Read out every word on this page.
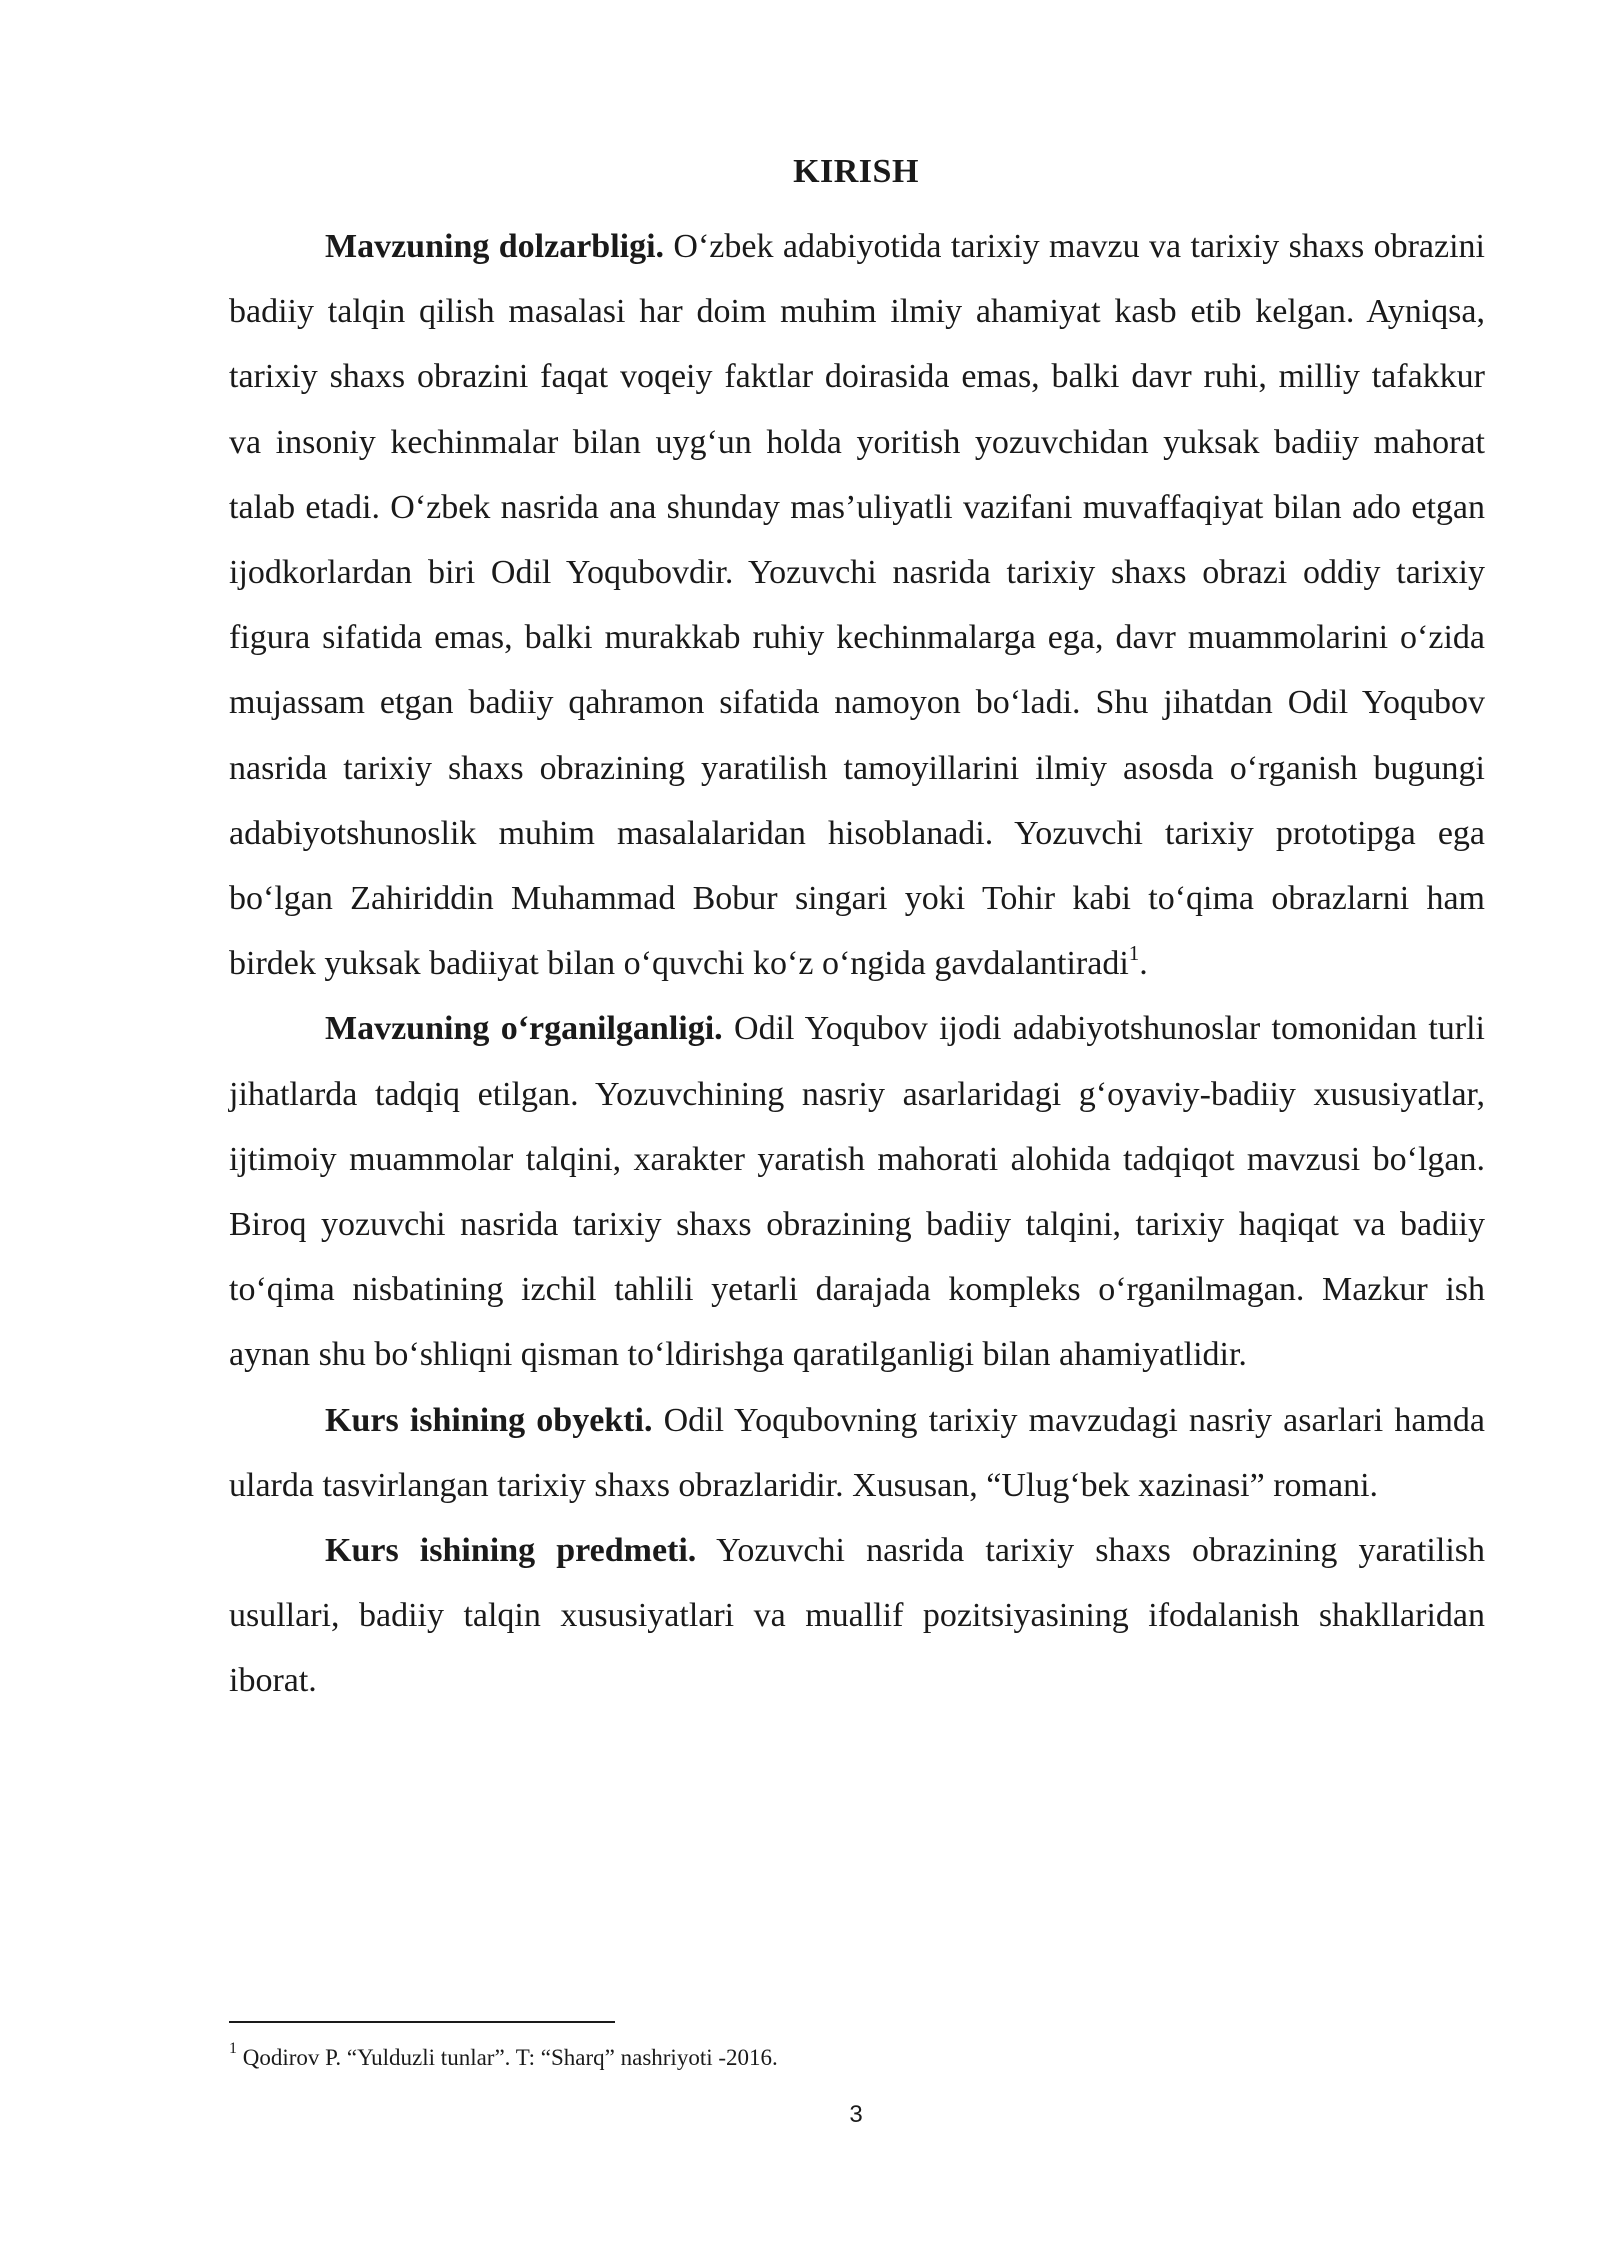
KIRISH

Mavzuning dolzarbligi. O‘zbek adabiyotida tarixiy mavzu va tarixiy shaxs obrazini badiiy talqin qilish masalasi har doim muhim ilmiy ahamiyat kasb etib kelgan. Ayniqsa, tarixiy shaxs obrazini faqat voqeiy faktlar doirasida emas, balki davr ruhi, milliy tafakkur va insoniy kechinmalar bilan uyg‘un holda yoritish yozuvchidan yuksak badiiy mahorat talab etadi. O‘zbek nasrida ana shunday mas’uliyatli vazifani muvaffaqiyat bilan ado etgan ijodkorlardan biri Odil Yoqubovdir. Yozuvchi nasrida tarixiy shaxs obrazi oddiy tarixiy figura sifatida emas, balki murakkab ruhiy kechinmalarga ega, davr muammolarini o‘zida mujassam etgan badiiy qahramon sifatida namoyon bo‘ladi. Shu jihatdan Odil Yoqubov nasrida tarixiy shaxs obrazining yaratilish tamoyillarini ilmiy asosda o‘rganish bugungi adabiyotshunoslik muhim masalalaridan hisoblanadi. Yozuvchi tarixiy prototipga ega bo‘lgan Zahiriddin Muhammad Bobur singari yoki Tohir kabi to‘qima obrazlarni ham birdek yuksak badiiyat bilan o‘quvchi ko‘z o‘ngida gavdalantiradi$^1$.

Mavzuning o‘rganilganligi. Odil Yoqubov ijodi adabiyotshunoslar tomonidan turli jihatlarda tadqiq etilgan. Yozuvchining nasriy asarlaridagi g‘oyaviy-badiiy xususiyatlar, ijtimoiy muammolar talqini, xarakter yaratish mahorati alohida tadqiqot mavzusi bo‘lgan. Biroq yozuvchi nasrida tarixiy shaxs obrazining badiiy talqini, tarixiy haqiqat va badiiy to‘qima nisbatining izchil tahlili yetarli darajada kompleks o‘rganilmagan. Mazkur ish aynan shu bo‘shliqni qisman to‘ldirishga qaratilganligi bilan ahamiyatlidir.

Kurs ishining obyekti. Odil Yoqubovning tarixiy mavzudagi nasriy asarlari hamda ularda tasvirlangan tarixiy shaxs obrazlaridir. Xususan, “Ulug‘bek xazinasi” romani.

Kurs ishining predmeti. Yozuvchi nasrida tarixiy shaxs obrazining yaratilish usullari, badiiy talqin xususiyatlari va muallif pozitsiyasining ifodalanish shakllaridan iborat.

$^1$ Qodirov P. “Yulduzli tunlar”. T: “Sharq” nashriyoti -2016.
3
